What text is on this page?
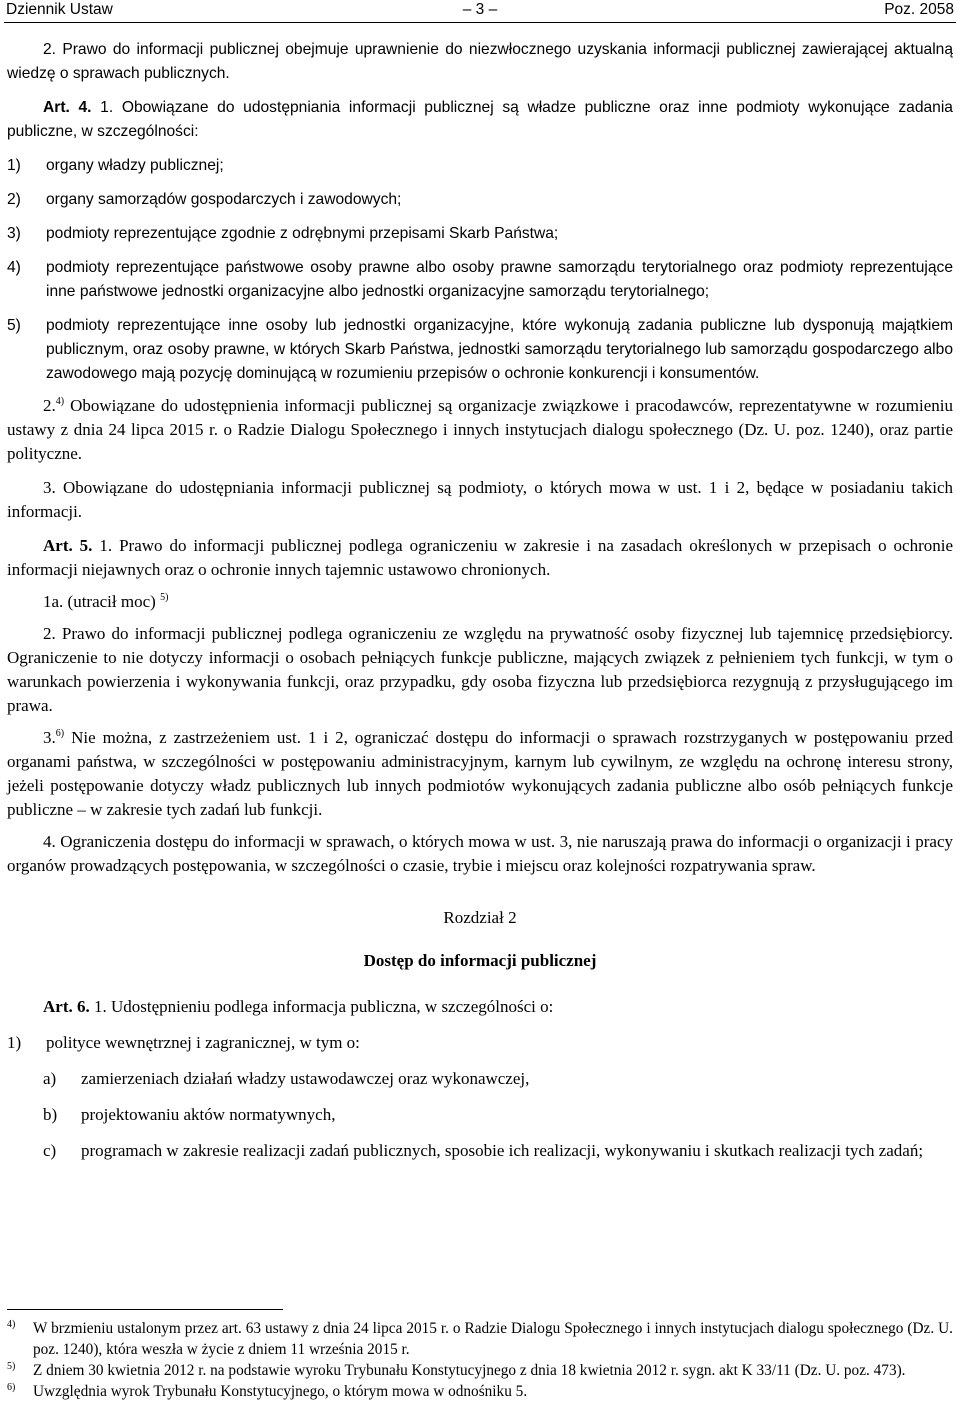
Dziennik Ustaw	– 3 –	Poz. 2058

2. Prawo do informacji publicznej obejmuje uprawnienie do niezwłocznego uzyskania informacji publicznej zawierającej aktualną wiedzę o sprawach publicznych.

Art. 4. 1. Obowiązane do udostępniania informacji publicznej są władze publiczne oraz inne podmioty wykonujące zadania publiczne, w szczególności:

1)	organy władzy publicznej;
2)	organy samorządów gospodarczych i zawodowych;
3)	podmioty reprezentujące zgodnie z odrębnymi przepisami Skarb Państwa;
4)	podmioty reprezentujące państwowe osoby prawne albo osoby prawne samorządu terytorialnego oraz podmioty reprezentujące inne państwowe jednostki organizacyjne albo jednostki organizacyjne samorządu terytorialnego;
5)	podmioty reprezentujące inne osoby lub jednostki organizacyjne, które wykonują zadania publiczne lub dysponują majątkiem publicznym, oraz osoby prawne, w których Skarb Państwa, jednostki samorządu terytorialnego lub samorządu gospodarczego albo zawodowego mają pozycję dominującą w rozumieniu przepisów o ochronie konkurencji i konsumentów.

2.$^{4)}$ Obowiązane do udostępnienia informacji publicznej są organizacje związkowe i pracodawców, reprezentatywne w rozumieniu ustawy z dnia 24 lipca 2015 r. o Radzie Dialogu Społecznego i innych instytucjach dialogu społecznego (Dz. U. poz. 1240), oraz partie polityczne.

3. Obowiązane do udostępniania informacji publicznej są podmioty, o których mowa w ust. 1 i 2, będące w posiadaniu takich informacji.

Art. 5. 1. Prawo do informacji publicznej podlega ograniczeniu w zakresie i na zasadach określonych w przepisach o ochronie informacji niejawnych oraz o ochronie innych tajemnic ustawowo chronionych.

1a. (utracił moc) $^{5)}$

2. Prawo do informacji publicznej podlega ograniczeniu ze względu na prywatność osoby fizycznej lub tajemnicę przedsiębiorcy. Ograniczenie to nie dotyczy informacji o osobach pełniących funkcje publiczne, mających związek z pełnieniem tych funkcji, w tym o warunkach powierzenia i wykonywania funkcji, oraz przypadku, gdy osoba fizyczna lub przedsiębiorca rezygnują z przysługującego im prawa.

3.$^{6)}$ Nie można, z zastrzeżeniem ust. 1 i 2, ograniczać dostępu do informacji o sprawach rozstrzyganych w postępowaniu przed organami państwa, w szczególności w postępowaniu administracyjnym, karnym lub cywilnym, ze względu na ochronę interesu strony, jeżeli postępowanie dotyczy władz publicznych lub innych podmiotów wykonujących zadania publiczne albo osób pełniących funkcje publiczne – w zakresie tych zadań lub funkcji.

4. Ograniczenia dostępu do informacji w sprawach, o których mowa w ust. 3, nie naruszają prawa do informacji o organizacji i pracy organów prowadzących postępowania, w szczególności o czasie, trybie i miejscu oraz kolejności rozpatrywania spraw.

Rozdział 2

Dostęp do informacji publicznej

Art. 6. 1. Udostępnieniu podlega informacja publiczna, w szczególności o:

1)	polityce wewnętrznej i zagranicznej, w tym o:
a)	zamierzeniach działań władzy ustawodawczej oraz wykonawczej,
b)	projektowaniu aktów normatywnych,
c)	programach w zakresie realizacji zadań publicznych, sposobie ich realizacji, wykonywaniu i skutkach realizacji tych zadań;
4)	W brzmieniu ustalonym przez art. 63 ustawy z dnia 24 lipca 2015 r. o Radzie Dialogu Społecznego i innych instytucjach dialogu społecznego (Dz. U. poz. 1240), która weszła w życie z dniem 11 września 2015 r.
5)	Z dniem 30 kwietnia 2012 r. na podstawie wyroku Trybunału Konstytucyjnego z dnia 18 kwietnia 2012 r. sygn. akt K 33/11 (Dz. U. poz. 473).
6)	Uwzględnia wyrok Trybunału Konstytucyjnego, o którym mowa w odnośniku 5.
